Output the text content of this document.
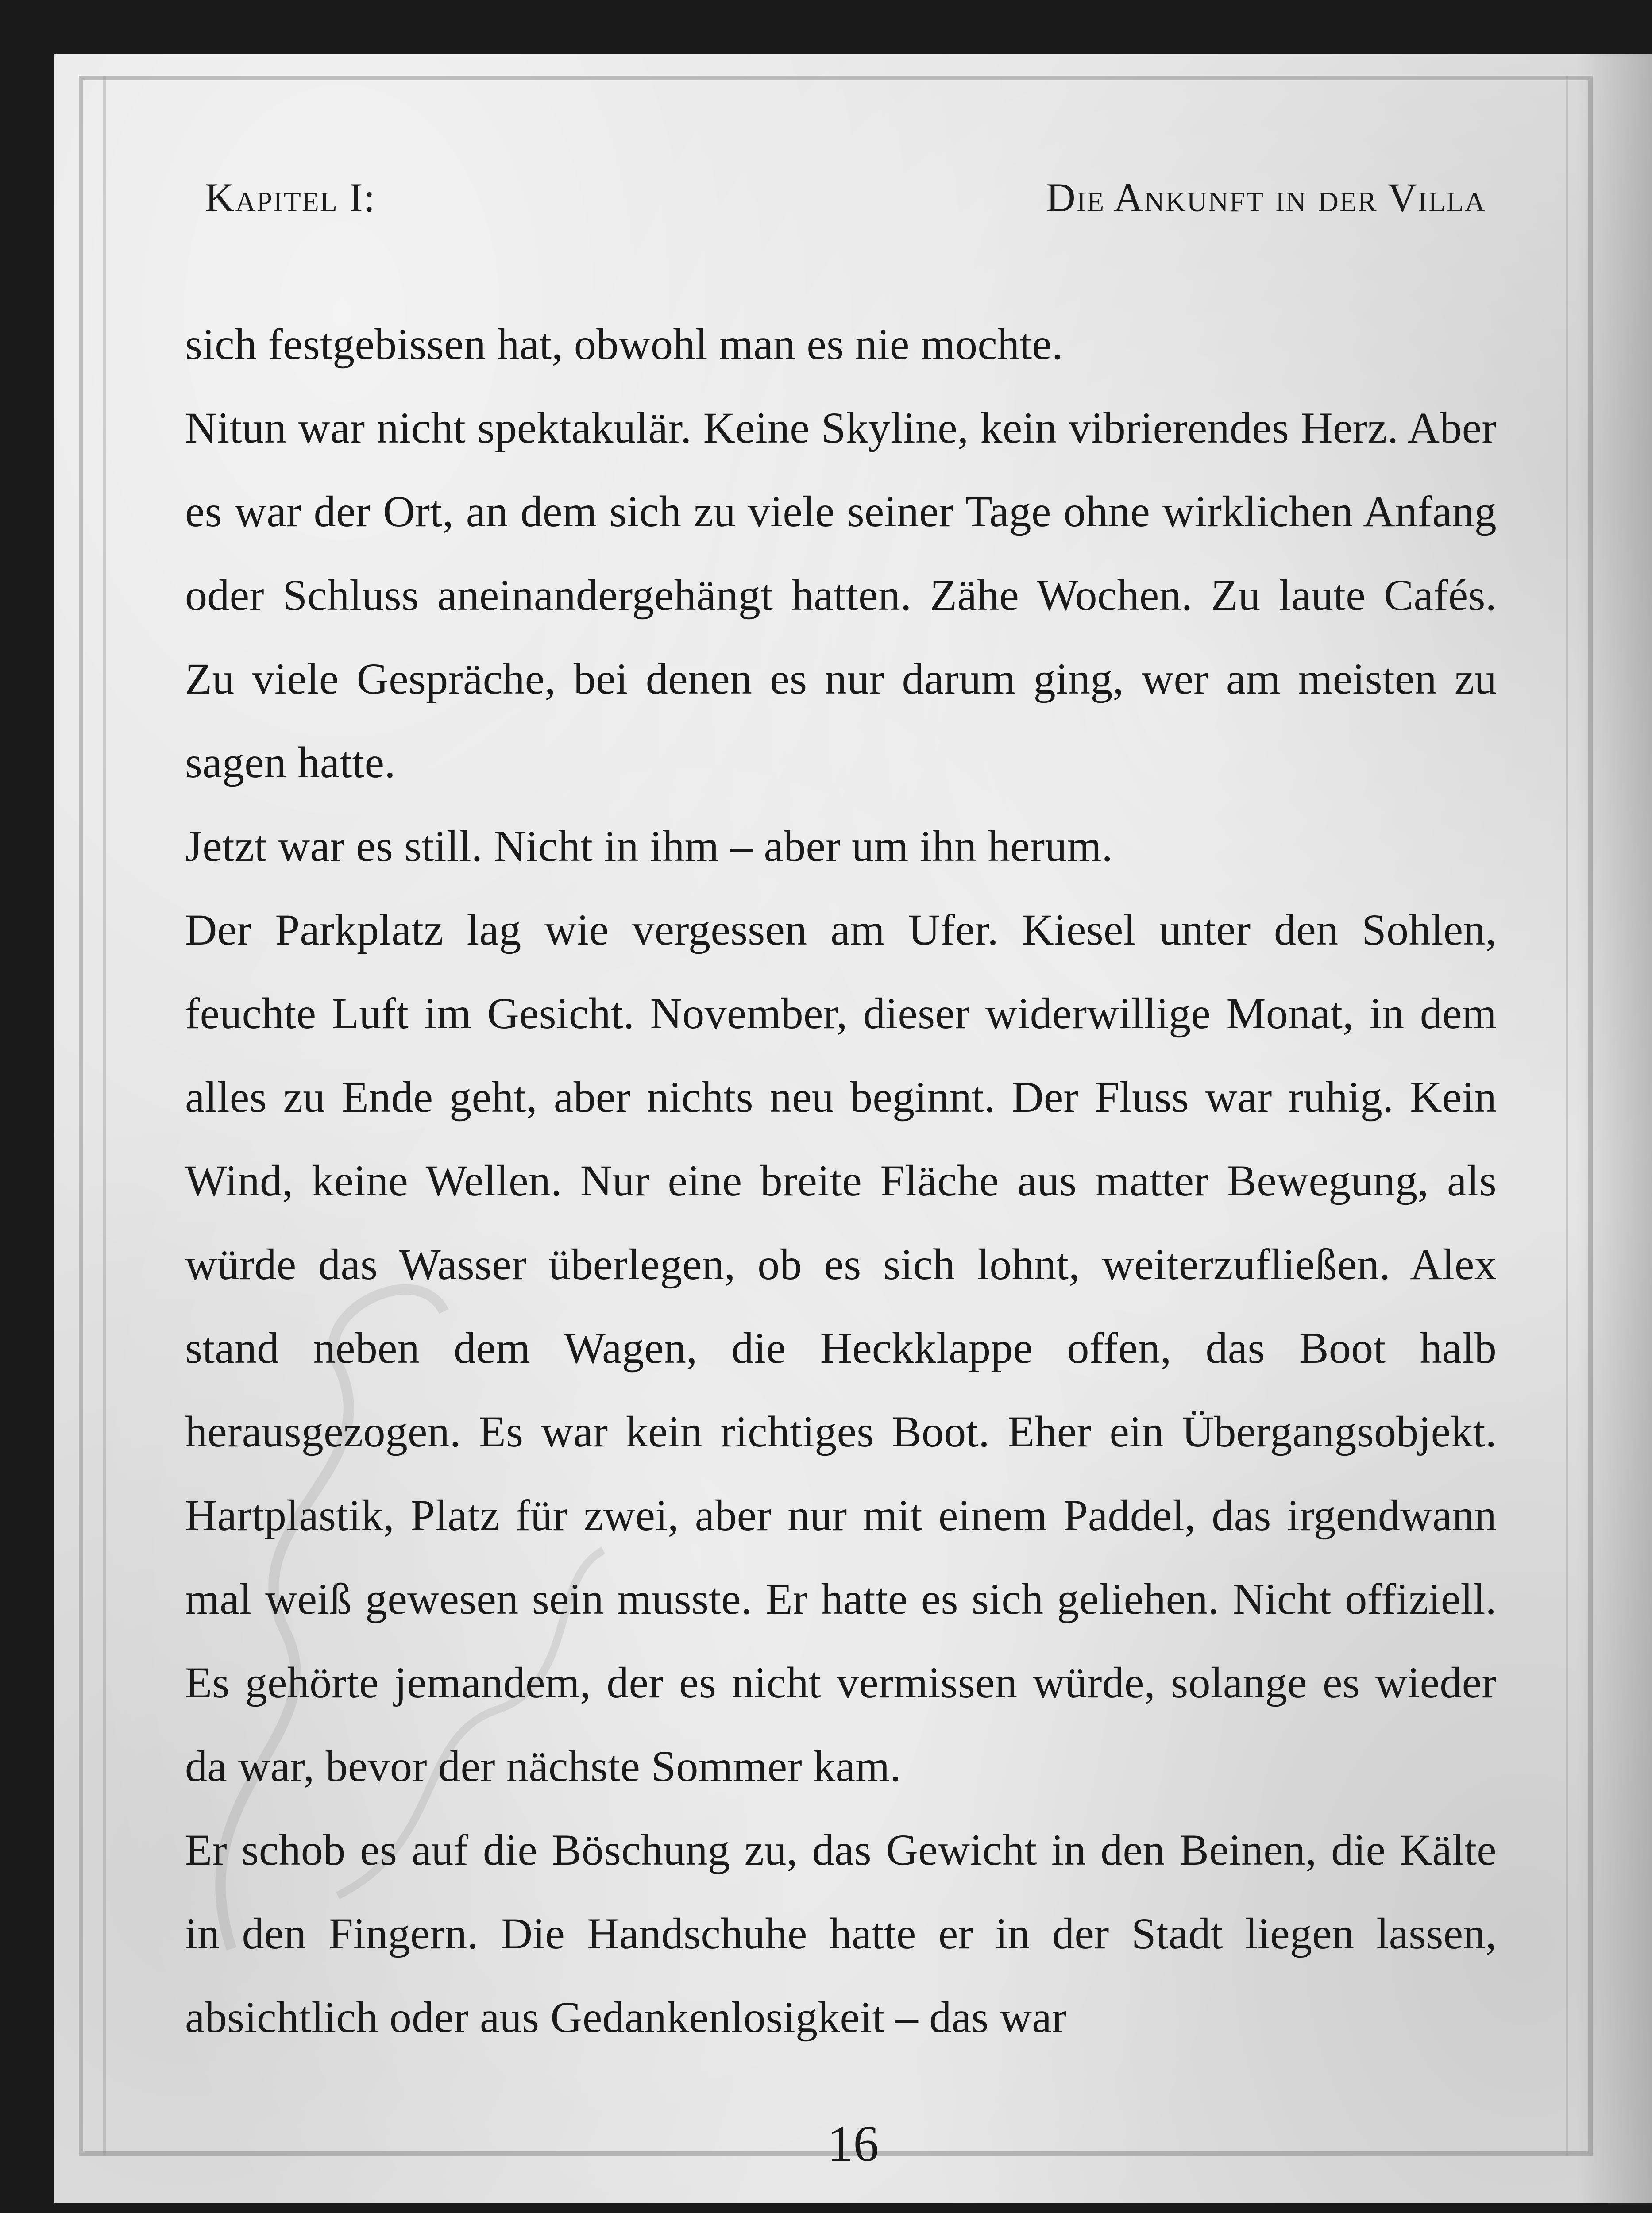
Kapitel I:	Die Ankunft in der Villa

sich festgebissen hat, obwohl man es nie mochte.

Nitun war nicht spektakulär. Keine Skyline, kein vibrierendes Herz. Aber es war der Ort, an dem sich zu viele seiner Tage ohne wirklichen Anfang oder Schluss aneinandergehängt hatten. Zähe Wochen. Zu laute Cafés. Zu viele Gespräche, bei denen es nur darum ging, wer am meisten zu sagen hatte.

Jetzt war es still. Nicht in ihm – aber um ihn herum.

Der Parkplatz lag wie vergessen am Ufer. Kiesel unter den Sohlen, feuchte Luft im Gesicht. November, dieser widerwillige Monat, in dem alles zu Ende geht, aber nichts neu beginnt. Der Fluss war ruhig. Kein Wind, keine Wellen. Nur eine breite Fläche aus matter Bewegung, als würde das Wasser überlegen, ob es sich lohnt, weiterzufließen. Alex stand neben dem Wagen, die Heckklappe offen, das Boot halb herausgezogen. Es war kein richtiges Boot. Eher ein Übergangsobjekt. Hartplastik, Platz für zwei, aber nur mit einem Paddel, das irgendwann mal weiß gewesen sein musste. Er hatte es sich geliehen. Nicht offiziell. Es gehörte jemandem, der es nicht vermissen würde, solange es wieder da war, bevor der nächste Sommer kam.

Er schob es auf die Böschung zu, das Gewicht in den Beinen, die Kälte in den Fingern. Die Handschuhe hatte er in der Stadt liegen lassen, absichtlich oder aus Gedankenlosigkeit – das war

16
